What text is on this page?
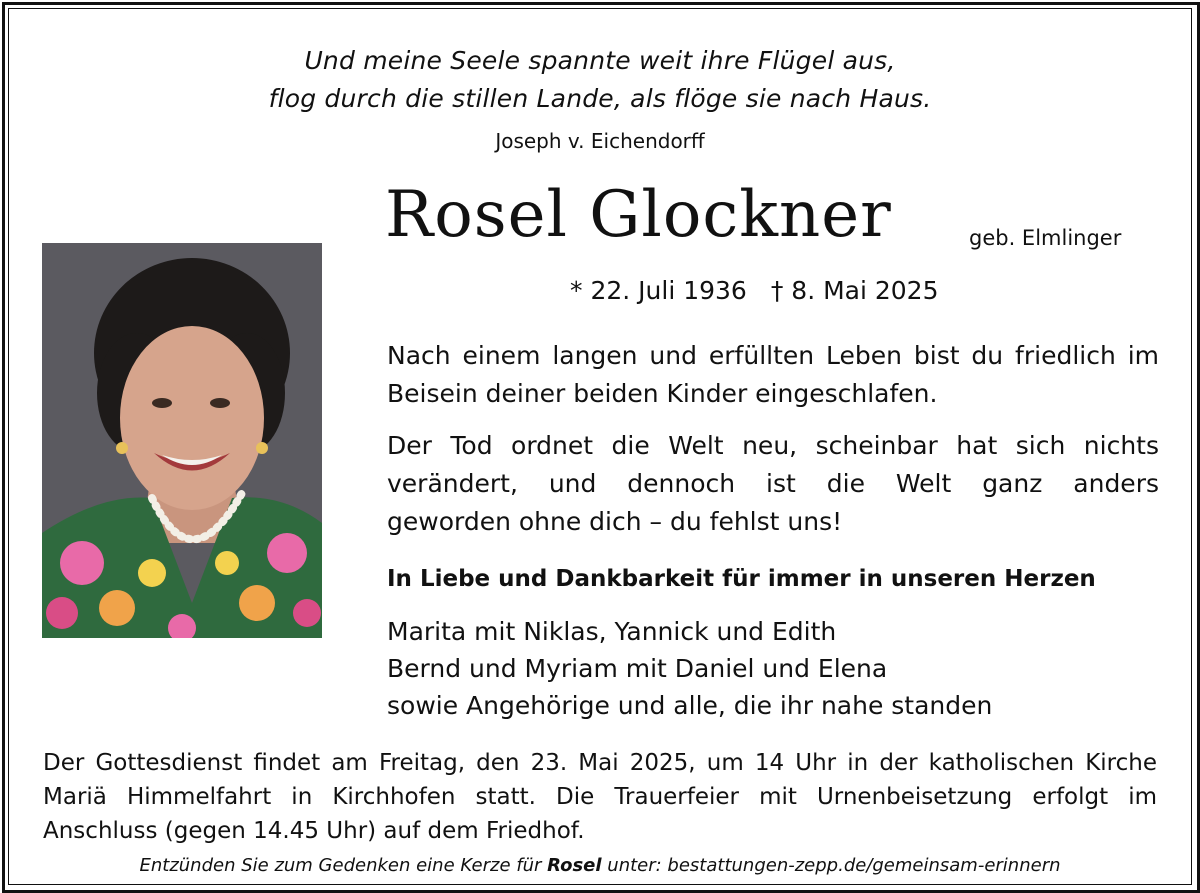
Und meine Seele spannte weit ihre Flügel aus,
flog durch die stillen Lande, als flöge sie nach Haus.
Joseph v. Eichendorff
Rosel Glockner	geb. Elmlinger
* 22. Juli 1936 † 8. Mai 2025
Nach einem langen und erfüllten Leben bist du friedlich im
Beisein deiner beiden Kinder eingeschlafen.
Der Tod ordnet die Welt neu, scheinbar hat sich nichts
verändert, und dennoch ist die Welt ganz anders
geworden ohne dich – du fehlst uns!
In Liebe und Dankbarkeit für immer in unseren Herzen
Marita mit Niklas, Yannick und Edith
Bernd und Myriam mit Daniel und Elena
sowie Angehörige und alle, die ihr nahe standen
Der Gottesdienst findet am Freitag, den 23. Mai 2025, um 14 Uhr in der katholischen Kirche
Mariä Himmelfahrt in Kirchhofen statt. Die Trauerfeier mit Urnenbeisetzung erfolgt im
Anschluss (gegen 14.45 Uhr) auf dem Friedhof.
Entzünden Sie zum Gedenken eine Kerze für Rosel unter: bestattungen-zepp.de/gemeinsam-erinnern
